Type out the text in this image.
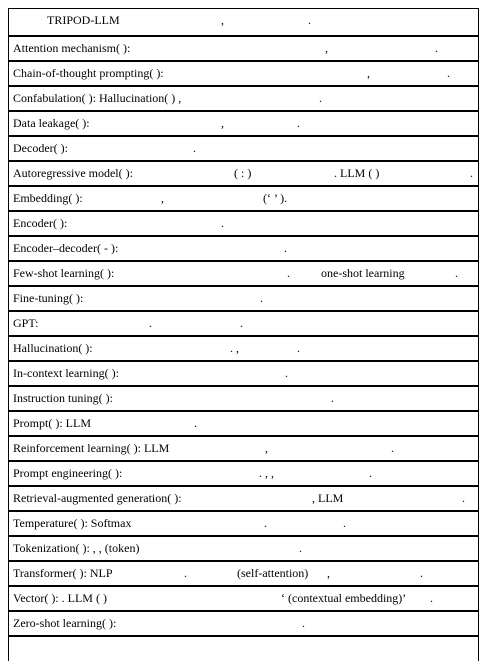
TRIPOD-LLM	,	.
Attention mechanism( ):	,	.
Chain-of-thought prompting( ):	,	.
Confabulation( ): Hallucination( ) ,	.
Data leakage( ):	,	.
Decoder( ):	.
Autoregressive model( ):	( : )	. LLM ( )	.
Embedding( ):	,	(‘ ’ ).
Encoder( ):	.
Encoder–decoder( - ):	.
Few-shot learning( ):	.	one-shot learning	.
Fine-tuning( ):	.
GPT:	.	.
Hallucination( ):	. ,	.
In-context learning( ):	.
Instruction tuning( ):	.
Prompt( ): LLM	.
Reinforcement learning( ): LLM	,	.
Prompt engineering( ):	. , ,	.
Retrieval-augmented generation( ):	, LLM	.
Temperature( ): Softmax	.	.
Tokenization( ): , , (token)	.
Transformer( ): NLP	.	(self-attention) ,	.
Vector( ): . LLM ( )	‘ (contextual embedding)’ .
Zero-shot learning( ):	.
